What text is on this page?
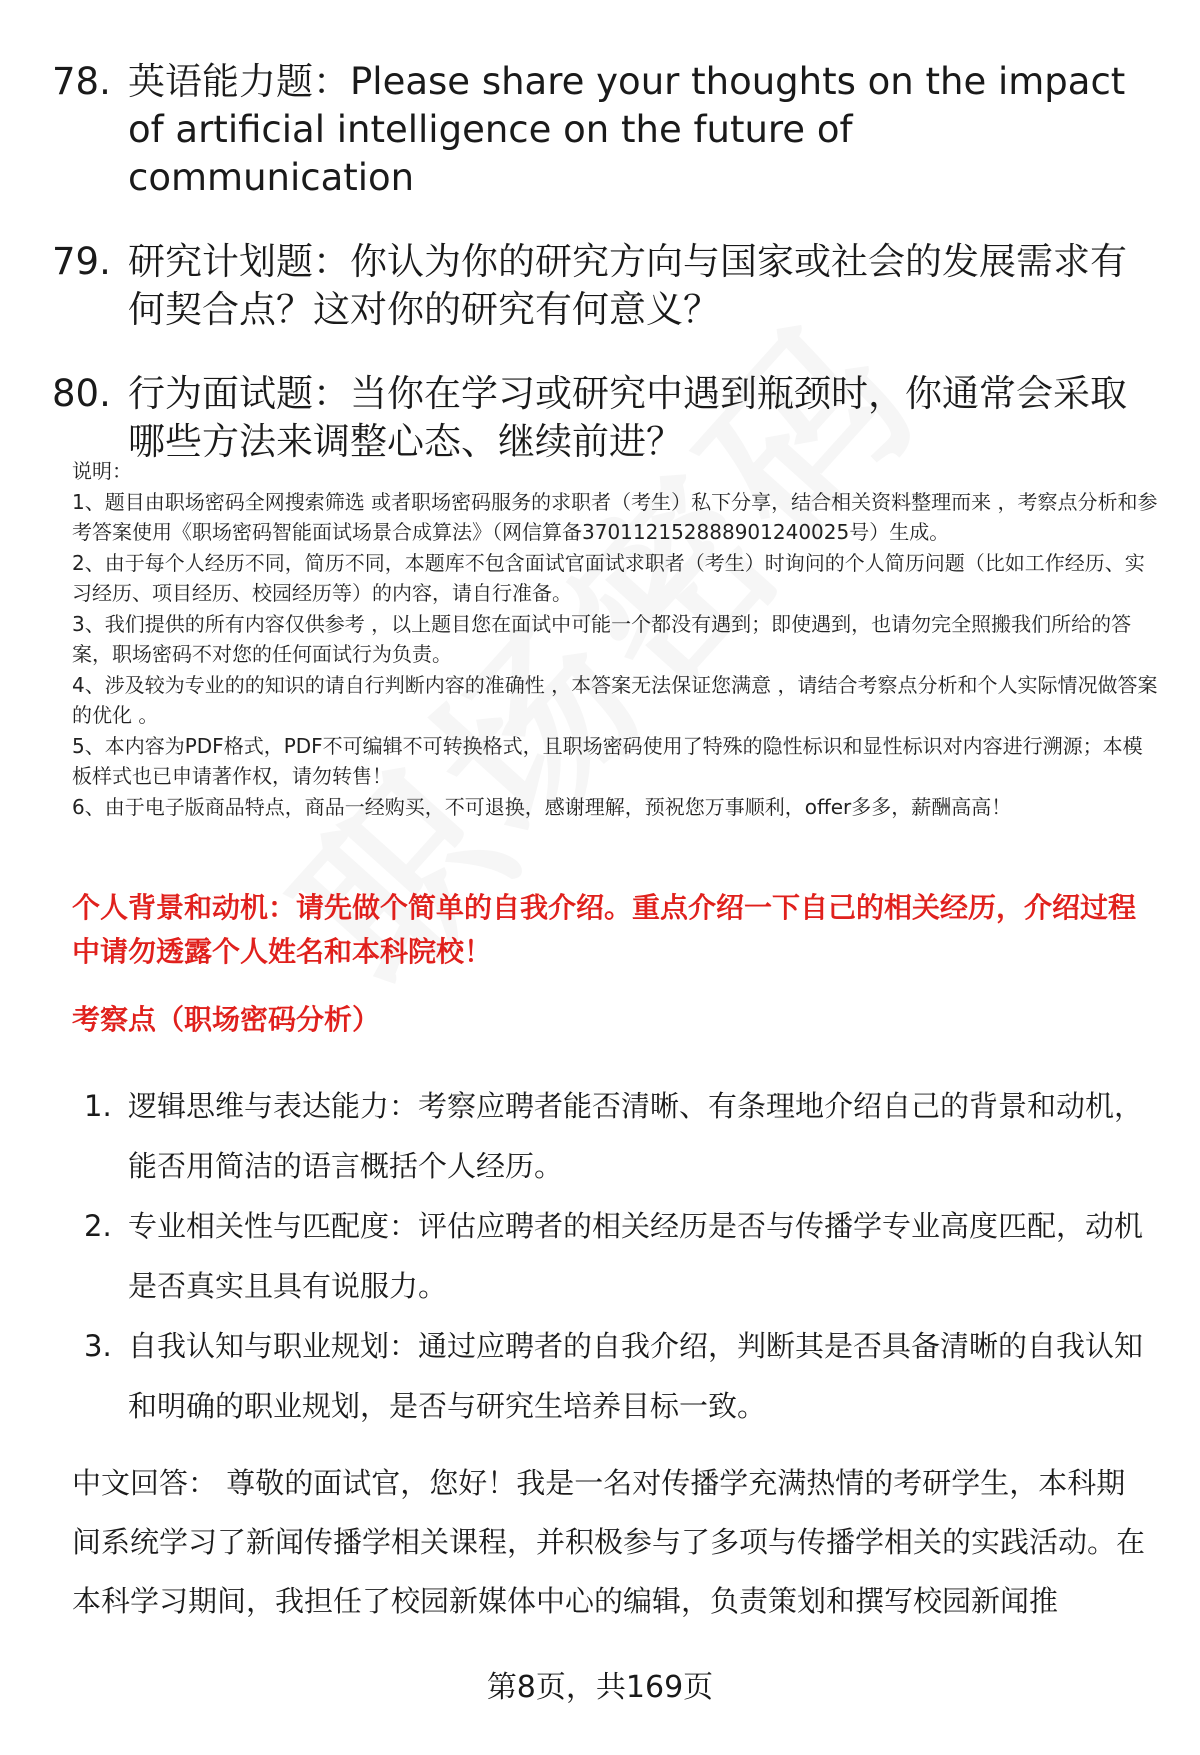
78. 英语能力题：Please share your thoughts on the impact of artificial intelligence on the future of communication
79. 研究计划题：你认为你的研究方向与国家或社会的发展需求有何契合点？这对你的研究有何意义？
80. 行为面试题：当你在学习或研究中遇到瓶颈时，你通常会采取哪些方法来调整心态、继续前进？

说明：

1、题目由职场密码全网搜索筛选 或者职场密码服务的求职者（考生）私下分享，结合相关资料整理而来 ，考察点分析和参考答案使用《职场密码智能面试场景合成算法》（网信算备370112152888901240025号）生成。

2、由于每个人经历不同，简历不同，本题库不包含面试官面试求职者（考生）时询问的个人简历问题（比如工作经历、实习经历、项目经历、校园经历等）的内容，请自行准备。

3、我们提供的所有内容仅供参考 ，以上题目您在面试中可能一个都没有遇到；即使遇到，也请勿完全照搬我们所给的答案，职场密码不对您的任何面试行为负责。

4、涉及较为专业的的知识的请自行判断内容的准确性 ，本答案无法保证您满意 ，请结合考察点分析和个人实际情况做答案的优化 。

5、本内容为PDF格式，PDF不可编辑不可转换格式，且职场密码使用了特殊的隐性标识和显性标识对内容进行溯源；本模板样式也已申请著作权，请勿转售！

6、由于电子版商品特点，商品一经购买，不可退换，感谢理解，预祝您万事顺利，offer多多，薪酬高高！

个人背景和动机：请先做个简单的自我介绍。重点介绍一下自己的相关经历，介绍过程中请勿透露个人姓名和本科院校！
考察点（职场密码分析）
1. 逻辑思维与表达能力：考察应聘者能否清晰、有条理地介绍自己的背景和动机，能否用简洁的语言概括个人经历。
2. 专业相关性与匹配度：评估应聘者的相关经历是否与传播学专业高度匹配，动机是否真实且具有说服力。
3. 自我认知与职业规划：通过应聘者的自我介绍，判断其是否具备清晰的自我认知和明确的职业规划，是否与研究生培养目标一致。
中文回答： 尊敬的面试官，您好！我是一名对传播学充满热情的考研学生，本科期间系统学习了新闻传播学相关课程，并积极参与了多项与传播学相关的实践活动。在本科学习期间，我担任了校园新媒体中心的编辑，负责策划和撰写校园新闻推
第8页，共169页
